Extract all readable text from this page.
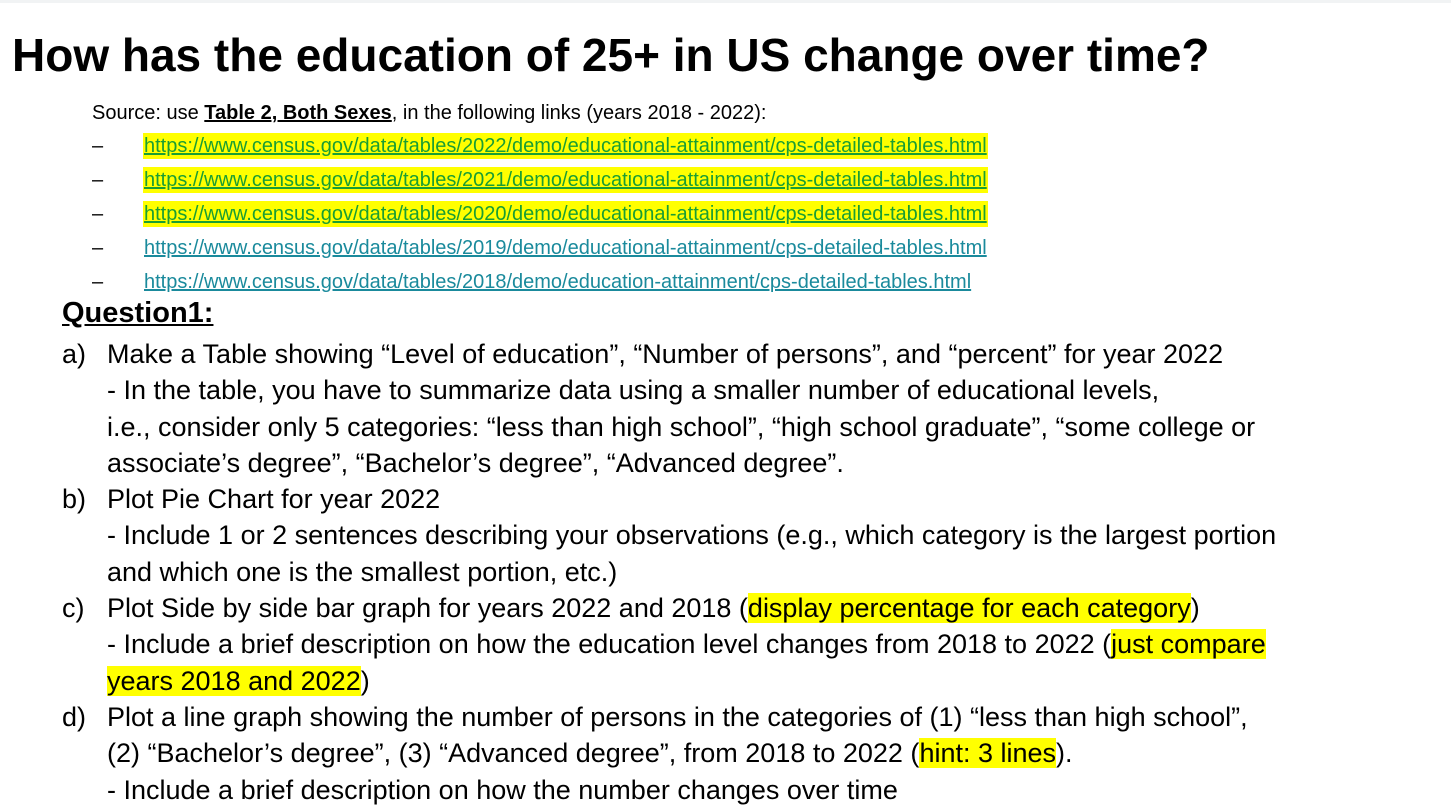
How has the education of 25+ in US change over time?
Source: use Table 2, Both Sexes, in the following links (years 2018 - 2022):
– https://www.census.gov/data/tables/2022/demo/educational-attainment/cps-detailed-tables.html
– https://www.census.gov/data/tables/2021/demo/educational-attainment/cps-detailed-tables.html
– https://www.census.gov/data/tables/2020/demo/educational-attainment/cps-detailed-tables.html
– https://www.census.gov/data/tables/2019/demo/educational-attainment/cps-detailed-tables.html
– https://www.census.gov/data/tables/2018/demo/education-attainment/cps-detailed-tables.html
Question1:
a) Make a Table showing “Level of education”, “Number of persons”, and “percent” for year 2022
- In the table, you have to summarize data using a smaller number of educational levels,
i.e., consider only 5 categories: “less than high school”, “high school graduate”, “some college or
associate’s degree”, “Bachelor’s degree”, “Advanced degree”.
b) Plot Pie Chart for year 2022
- Include 1 or 2 sentences describing your observations (e.g., which category is the largest portion
and which one is the smallest portion, etc.)
c) Plot Side by side bar graph for years 2022 and 2018 (display percentage for each category)
- Include a brief description on how the education level changes from 2018 to 2022 (just compare
years 2018 and 2022)
d) Plot a line graph showing the number of persons in the categories of (1) “less than high school”,
(2) “Bachelor’s degree”, (3) “Advanced degree”, from 2018 to 2022 (hint: 3 lines).
- Include a brief description on how the number changes over time
